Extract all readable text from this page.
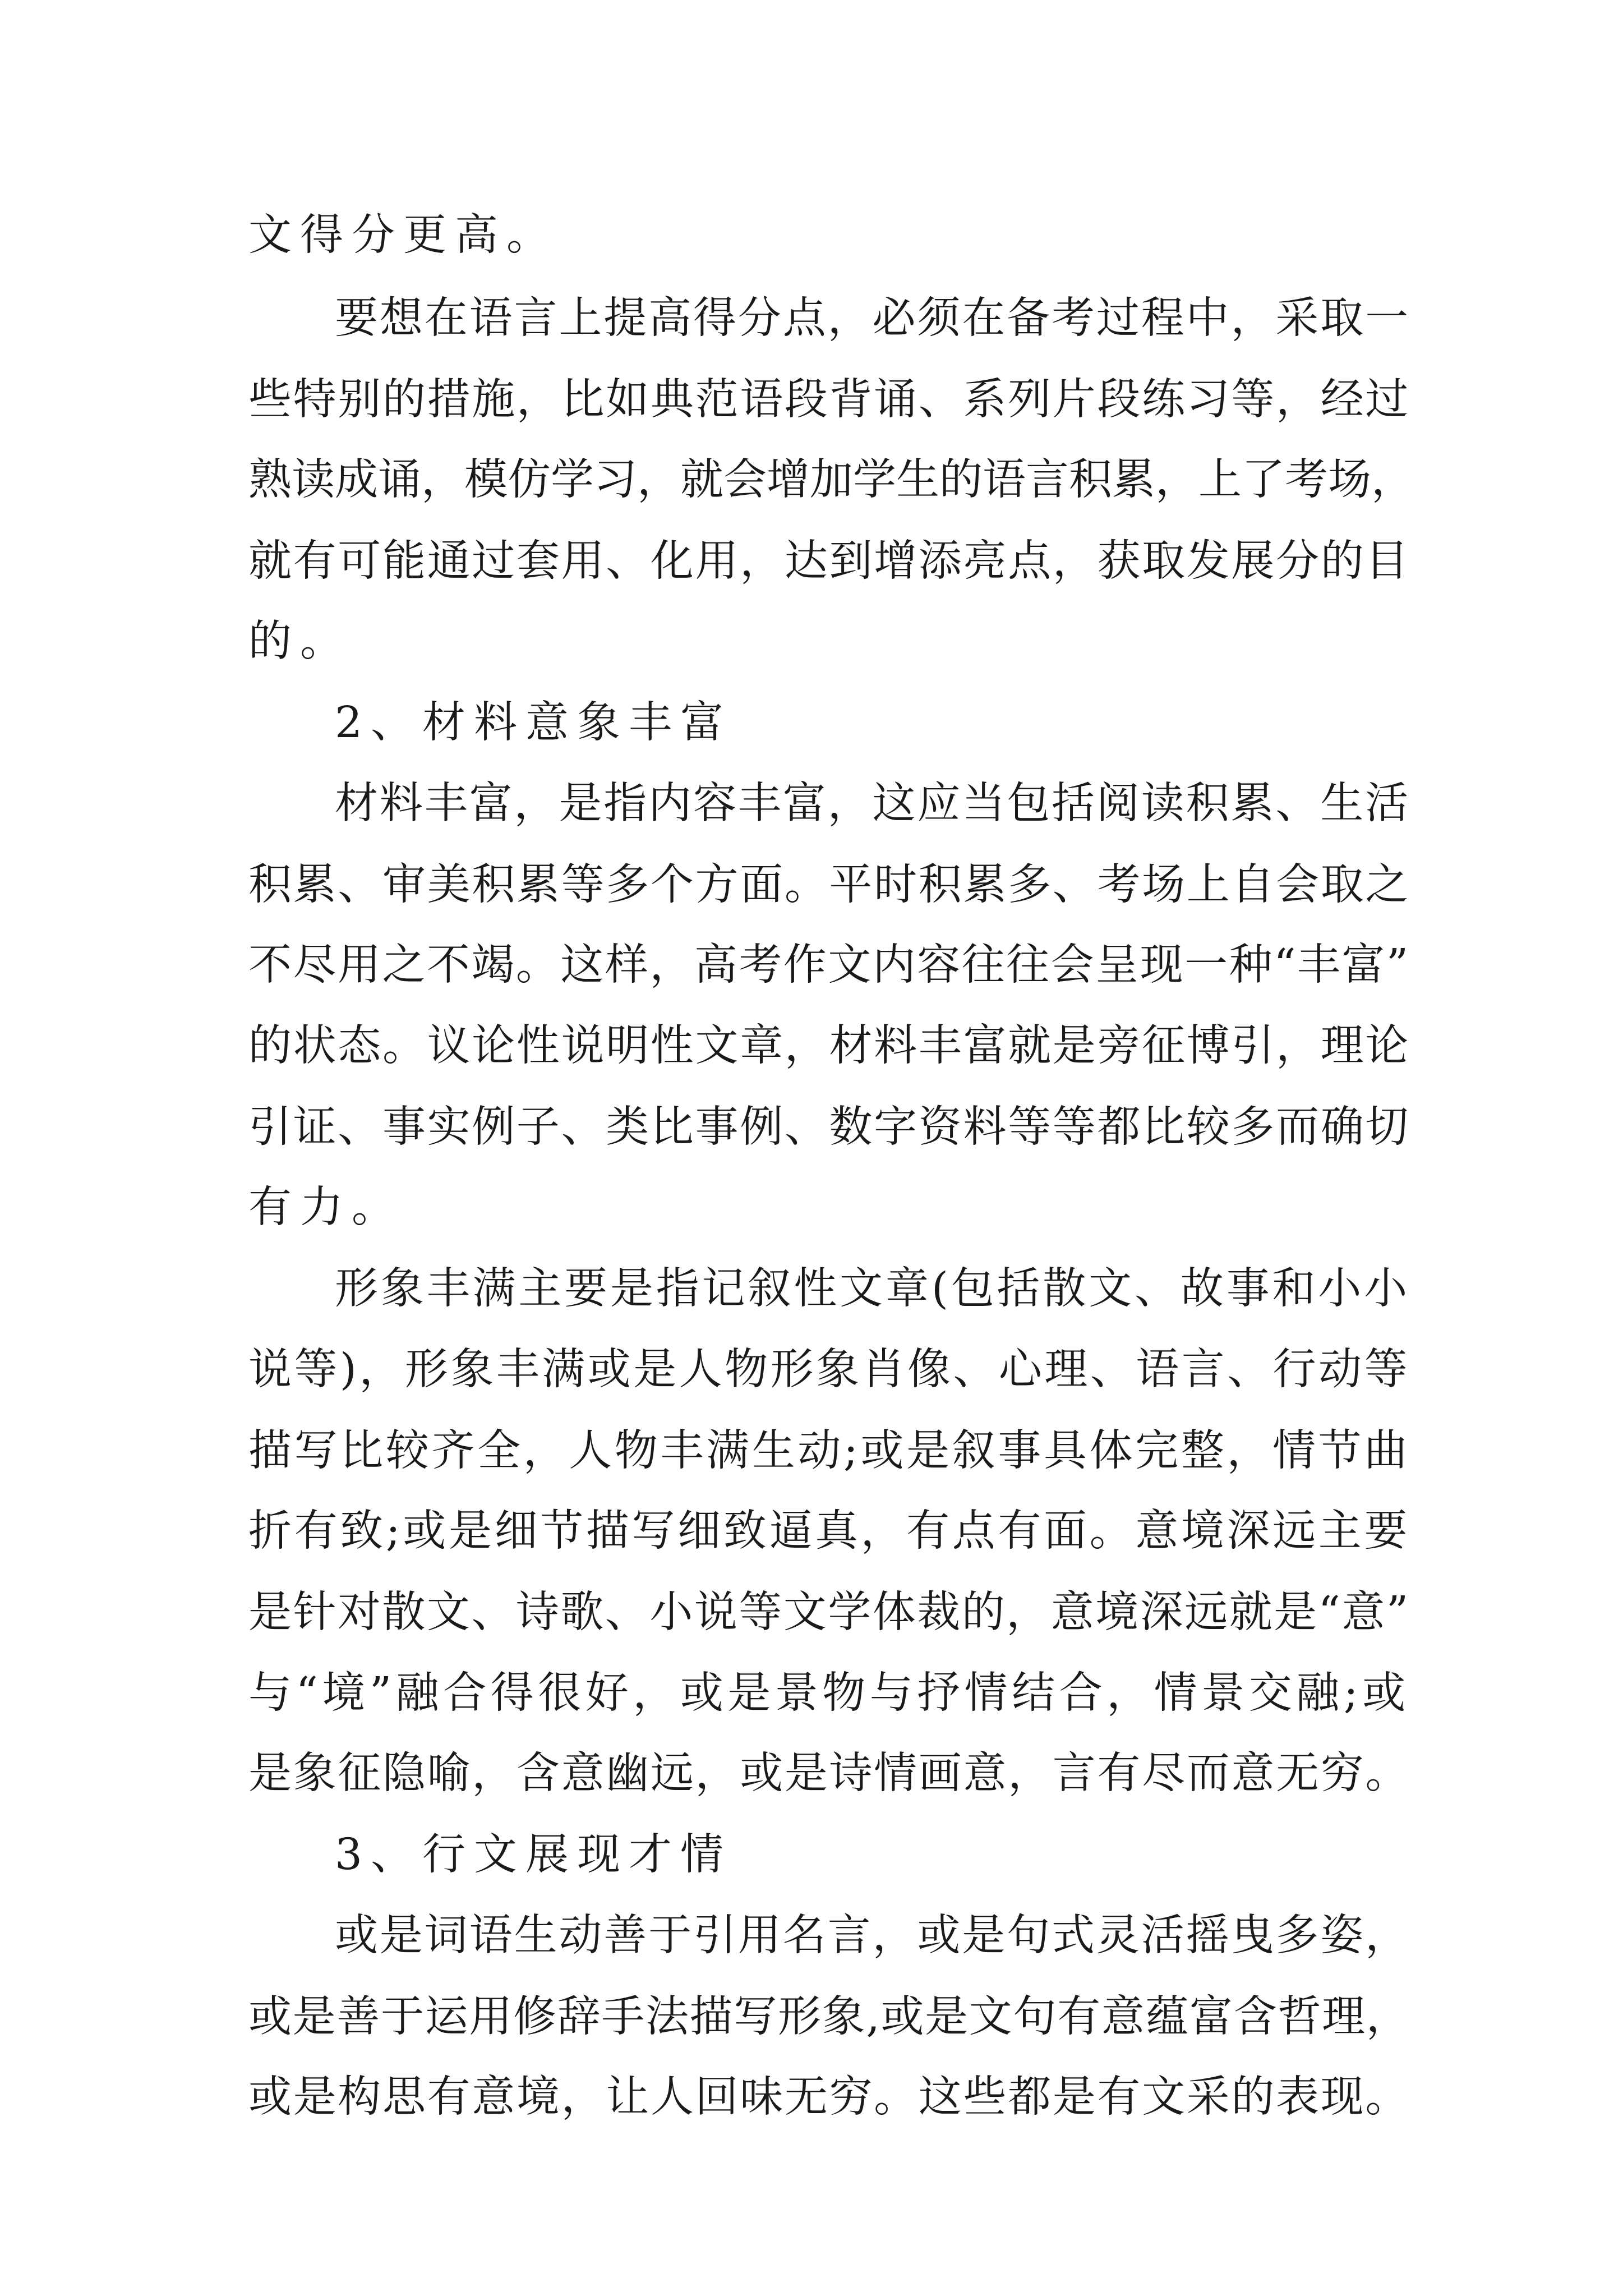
文得分更高。
要想在语言上提高得分点，必须在备考过程中，采取一
些特别的措施，比如典范语段背诵、系列片段练习等，经过
熟读成诵，模仿学习，就会增加学生的语言积累，上了考场，
就有可能通过套用、化用，达到增添亮点，获取发展分的目
的。
2、材料意象丰富
材料丰富，是指内容丰富，这应当包括阅读积累、生活
积累、审美积累等多个方面。平时积累多、考场上自会取之
不尽用之不竭。这样，高考作文内容往往会呈现一种“丰富”
的状态。议论性说明性文章，材料丰富就是旁征博引，理论
引证、事实例子、类比事例、数字资料等等都比较多而确切
有力。
形象丰满主要是指记叙性文章(包括散文、故事和小小
说等)，形象丰满或是人物形象肖像、心理、语言、行动等
描写比较齐全，人物丰满生动;或是叙事具体完整，情节曲
折有致;或是细节描写细致逼真，有点有面。意境深远主要
是针对散文、诗歌、小说等文学体裁的，意境深远就是“意”
与“境”融合得很好，或是景物与抒情结合，情景交融;或
是象征隐喻，含意幽远，或是诗情画意，言有尽而意无穷。
3、行文展现才情
或是词语生动善于引用名言，或是句式灵活摇曳多姿，
或是善于运用修辞手法描写形象,或是文句有意蕴富含哲理，
或是构思有意境，让人回味无穷。这些都是有文采的表现。
